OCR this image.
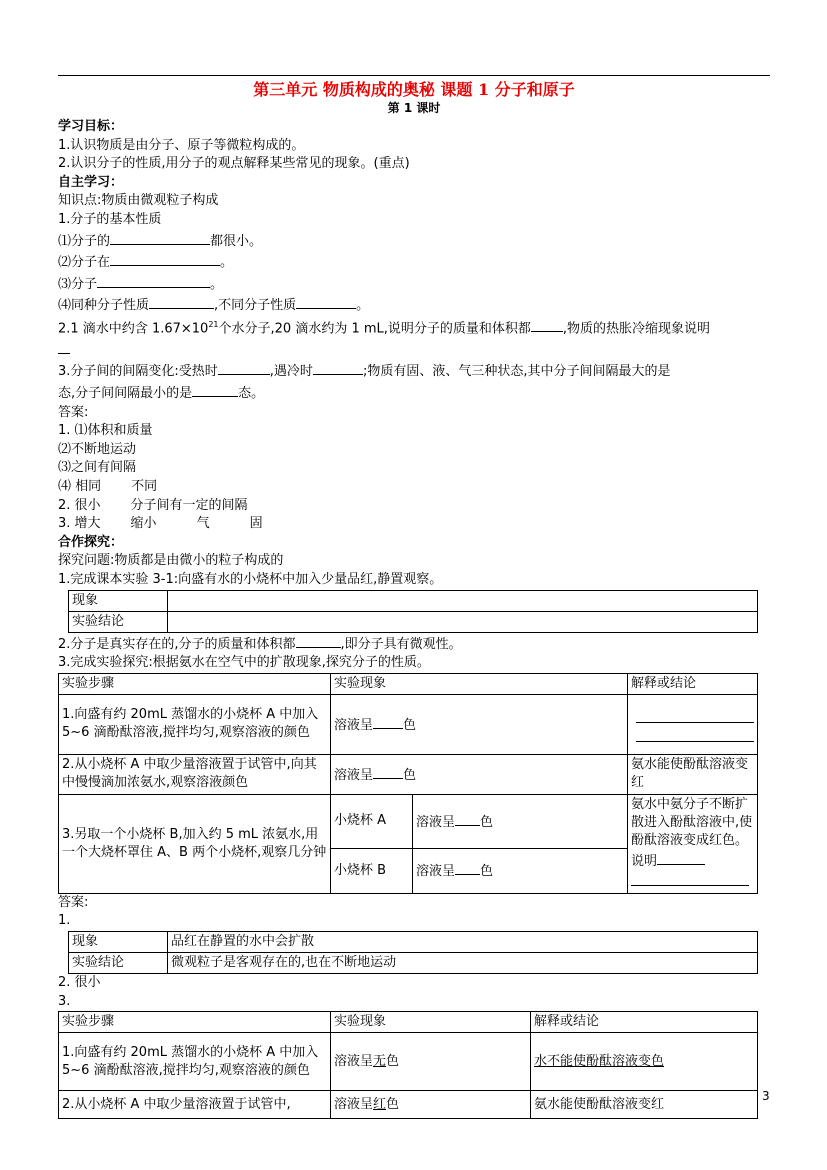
第三单元 物质构成的奥秘 课题 1 分子和原子
第 1 课时
学习目标：
1.认识物质是由分子、原子等微粒构成的。
2.认识分子的性质,用分子的观点解释某些常见的现象。(重点)
自主学习：
知识点:物质由微观粒子构成
1.分子的基本性质
⑴分子的	都很小。
⑵分子在	。
⑶分子	。
⑷同种分子性质	,不同分子性质	。
2.1 滴水中约含 $1.67\times 10^{21}$个水分子,20 滴水约为 1 mL,说明分子的质量和体积都 ,物质的热胀冷缩现象说明
3.分子间的间隔变化:受热时	,遇冷时	;物质有固、液、气三种状态,其中分子间间隔最大的是
态,分子间间隔最小的是	态。
答案:
1. ⑴体积和质量
⑵不断地运动
⑶之间有间隔
⑷ 相同 不同
2. 很小 分子间有一定的间隔
3. 增大 缩小	气	固
合作探究：
探究问题:物质都是由微小的粒子构成的
1.完成课本实验 3-1:向盛有水的小烧杯中加入少量品红,静置观察。
现象	
实验结论	
2.分子是真实存在的,分子的质量和体积都	,即分子具有微观性。
3.完成实验探究:根据氨水在空气中的扩散现象,探究分子的性质。
实验步骤	实验现象		解释或结论
1.向盛有约 20mL 蒸馏水的小烧杯 A 中加入 5~6 滴酚酞溶液,搅拌均匀,观察溶液的颜色	溶液呈 色		

2.从小烧杯 A 中取少量溶液置于试管中,向其中慢慢滴加浓氨水,观察溶液颜色	溶液呈 色		氨水能使酚酞溶液变红
3.另取一个小烧杯 B,加入约 5 mL 浓氨水,用一个大烧杯罩住 A、B 两个小烧杯,观察几分钟	小烧杯 A	溶液呈 色	氨水中氨分子不断扩散进入酚酞溶液中,使酚酞溶液变成红色。
说明

	小烧杯 B	溶液呈 色	
答案:
1.
现象	品红在静置的水中会扩散
实验结论	微观粒子是客观存在的,也在不断地运动
2. 很小
3.
实验步骤	实验现象	解释或结论
1.向盛有约 20mL 蒸馏水的小烧杯 A 中加入 5~6 滴酚酞溶液,搅拌均匀,观察溶液的颜色	溶液呈无色	水不能使酚酞溶液变色
2.从小烧杯 A 中取少量溶液置于试管中,	溶液呈红色	氨水能使酚酞溶液变红
3
